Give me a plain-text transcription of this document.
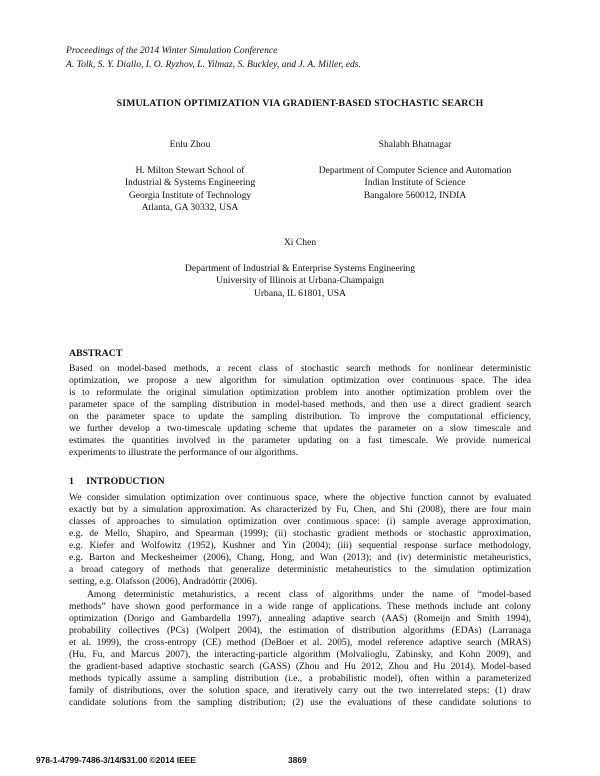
Proceedings of the 2014 Winter Simulation Conference
A. Tolk, S. Y. Diallo, I. O. Ryzhov, L. Yilmaz, S. Buckley, and J. A. Miller, eds.
SIMULATION OPTIMIZATION VIA GRADIENT-BASED STOCHASTIC SEARCH
Enlu Zhou
H. Milton Stewart School of
Industrial & Systems Engineering
Georgia Institute of Technology
Atlanta, GA 30332, USA
Shalabh Bhatnagar
Department of Computer Science and Automation
Indian Institute of Science
Bangalore 560012, INDIA
Xi Chen
Department of Industrial & Enterprise Systems Engineering
University of Illinois at Urbana-Champaign
Urbana, IL 61801, USA
ABSTRACT
Based on model-based methods, a recent class of stochastic search methods for nonlinear deterministic
optimization, we propose a new algorithm for simulation optimization over continuous space. The idea
is to reformulate the original simulation optimization problem into another optimization problem over the
parameter space of the sampling distribution in model-based methods, and then use a direct gradient search
on the parameter space to update the sampling distribution. To improve the computational efficiency,
we further develop a two-timescale updating scheme that updates the parameter on a slow timescale and
estimates the quantities involved in the parameter updating on a fast timescale. We provide numerical
experiments to illustrate the performance of our algorithms.
1     INTRODUCTION
We consider simulation optimization over continuous space, where the objective function cannot by evaluated
exactly but by a simulation approximation. As characterized by Fu, Chen, and Shi (2008), there are four main
classes of approaches to simulation optimization over continuous space: (i) sample average approximation,
e.g. de Mello, Shapiro, and Spearman (1999); (ii) stochastic gradient methods or stochastic approximation,
e.g. Kiefer and Wolfowitz (1952), Kushner and Yin (2004); (iii) sequential response surface methodology,
e.g. Barton and Meckesheimer (2006), Chang, Hong, and Wan (2013); and (iv) deterministic metaheuristics,
a broad category of methods that generalize deterministic metaheuristics to the simulation optimization
setting, e.g. Olafsson (2006), Andradóttir (2006).
Among deterministic metahuristics, a recent class of algorithms under the name of “model-based
methods” have shown good performance in a wide range of applications. These methods include ant colony
optimization (Dorigo and Gambardella 1997), annealing adaptive search (AAS) (Romeijn and Smith 1994),
probability collectives (PCs) (Wolpert 2004), the estimation of distribution algorithms (EDAs) (Larranaga
et al. 1999), the cross-entropy (CE) method (DeBoer et al. 2005), model reference adaptive search (MRAS)
(Hu, Fu, and Marcus 2007), the interacting-particle algorithm (Molvalioglu, Zabinsky, and Kohn 2009), and
the gradient-based adaptive stochastic search (GASS) (Zhou and Hu 2012, Zhou and Hu 2014). Model-based
methods typically assume a sampling distribution (i.e., a probabilistic model), often within a parameterized
family of distributions, over the solution space, and iteratively carry out the two interrelated steps: (1) draw
candidate solutions from the sampling distribution; (2) use the evaluations of these candidate solutions to
978-1-4799-7486-3/14/$31.00 ©2014 IEEE	3869
